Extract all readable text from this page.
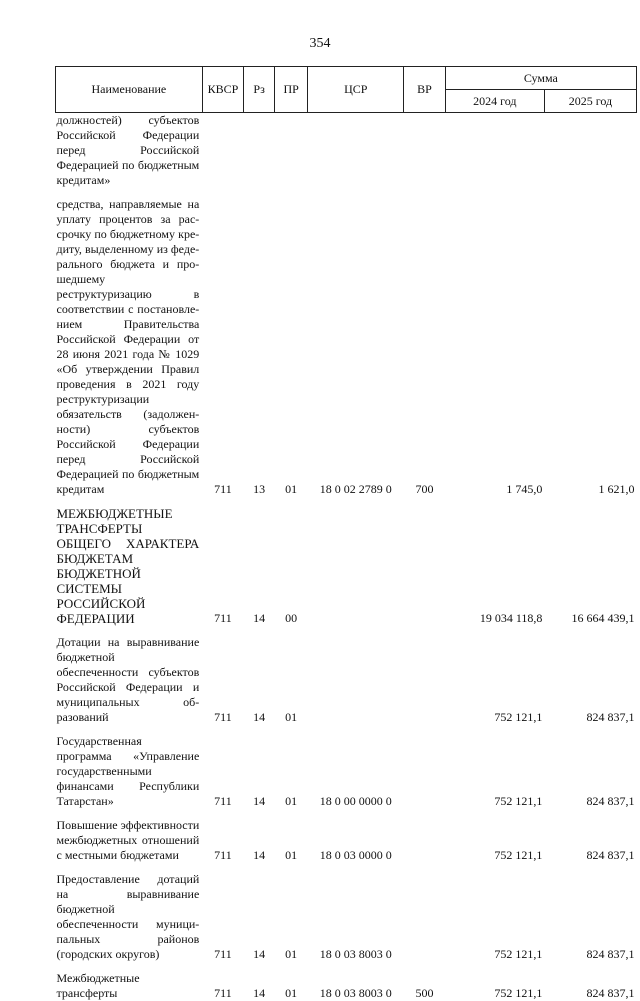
354
Наименование	КВСР	Рз	ПР	ЦСР	ВР	Сумма	
						2024 год	2025 год
должностей) субъектов Российской Федерации перед Российской Федерацией по бюджетным кредитам»							
средства, направляемые на уплату процентов за рассрочку по бюджетному кредиту, выделенному из федерального бюджета и прошедшему реструктуризацию в соответствии с постановлением Правительства Российской Федерации от 28 июня 2021 года № 1029 «Об утверждении Правил проведения в 2021 году реструктуризации обязательств (задолженности) субъектов Российской Федерации перед Российской Федерацией по бюджетным кредитам	711	13	01	18 0 02 2789 0	700	1 745,0	1 621,0
МЕЖБЮДЖЕТНЫЕ ТРАНСФЕРТЫ ОБЩЕГО ХАРАКТЕРА БЮДЖЕТАМ БЮДЖЕТНОЙ СИСТЕМЫ РОССИЙСКОЙ ФЕДЕРАЦИИ	711	14	00			19 034 118,8	16 664 439,1
Дотации на выравнивание бюджетной обеспеченности субъектов Российской Федерации и муниципальных образований	711	14	01			752 121,1	824 837,1
Государственная программа «Управление государственными финансами Республики Татарстан»	711	14	01	18 0 00 0000 0		752 121,1	824 837,1
Повышение эффективности межбюджетных отношений с местными бюджетами	711	14	01	18 0 03 0000 0		752 121,1	824 837,1
Предоставление дотаций на выравнивание бюджетной обеспеченности муниципальных районов (городских округов)	711	14	01	18 0 03 8003 0		752 121,1	824 837,1
Межбюджетные трансферты	711	14	01	18 0 03 8003 0	500	752 121,1	824 837,1
